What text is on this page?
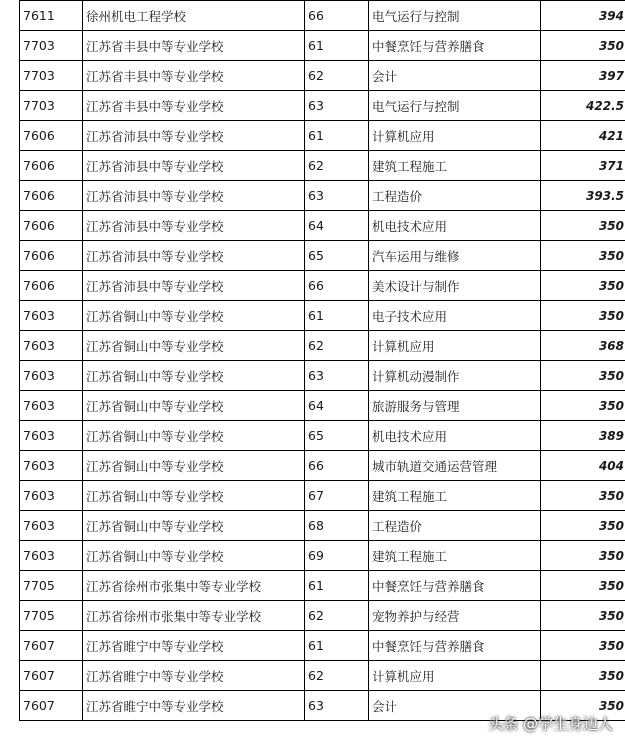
7611	徐州机电工程学校	66	电气运行与控制	394
7703	江苏省丰县中等专业学校	61	中餐烹饪与营养膳食	350
7703	江苏省丰县中等专业学校	62	会计	397
7703	江苏省丰县中等专业学校	63	电气运行与控制	422.5
7606	江苏省沛县中等专业学校	61	计算机应用	421
7606	江苏省沛县中等专业学校	62	建筑工程施工	371
7606	江苏省沛县中等专业学校	63	工程造价	393.5
7606	江苏省沛县中等专业学校	64	机电技术应用	350
7606	江苏省沛县中等专业学校	65	汽车运用与维修	350
7606	江苏省沛县中等专业学校	66	美术设计与制作	350
7603	江苏省铜山中等专业学校	61	电子技术应用	350
7603	江苏省铜山中等专业学校	62	计算机应用	368
7603	江苏省铜山中等专业学校	63	计算机动漫制作	350
7603	江苏省铜山中等专业学校	64	旅游服务与管理	350
7603	江苏省铜山中等专业学校	65	机电技术应用	389
7603	江苏省铜山中等专业学校	66	城市轨道交通运营管理	404
7603	江苏省铜山中等专业学校	67	建筑工程施工	350
7603	江苏省铜山中等专业学校	68	工程造价	350
7603	江苏省铜山中等专业学校	69	建筑工程施工	350
7705	江苏省徐州市张集中等专业学校	61	中餐烹饪与营养膳食	350
7705	江苏省徐州市张集中等专业学校	62	宠物养护与经营	350
7607	江苏省睢宁中等专业学校	61	中餐烹饪与营养膳食	350
7607	江苏省睢宁中等专业学校	62	计算机应用	350
7607	江苏省睢宁中等专业学校	63	会计	350
头条 @学生身边人
